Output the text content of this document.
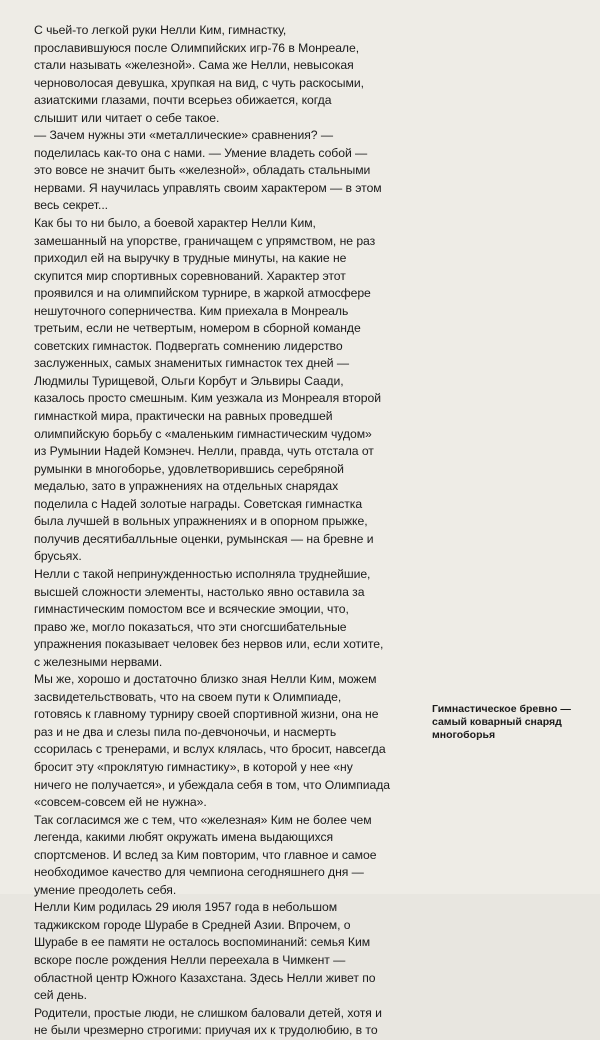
С чьей-то легкой руки Нелли Ким, гимнастку,
прославившуюся после Олимпийских игр-76 в Монреале,
стали называть «железной». Сама же Нелли, невысокая
черноволосая девушка, хрупкая на вид, с чуть раскосыми,
азиатскими глазами, почти всерьез обижается, когда
слышит или читает о себе такое.
— Зачем нужны эти «металлические» сравнения? —
поделилась как-то она с нами. — Умение владеть собой —
это вовсе не значит быть «железной», обладать стальными
нервами. Я научилась управлять своим характером — в этом
весь секрет...
Как бы то ни было, а боевой характер Нелли Ким,
замешанный на упорстве, граничащем с упрямством, не раз
приходил ей на выручку в трудные минуты, на какие не
скупится мир спортивных соревнований. Характер этот
проявился и на олимпийском турнире, в жаркой атмосфере
нешуточного соперничества. Ким приехала в Монреаль
третьим, если не четвертым, номером в сборной команде
советских гимнасток. Подвергать сомнению лидерство
заслуженных, самых знаменитых гимнасток тех дней —
Людмилы Турищевой, Ольги Корбут и Эльвиры Саади,
казалось просто смешным. Ким уезжала из Монреаля второй
гимнасткой мира, практически на равных проведшей
олимпийскую борьбу с «маленьким гимнастическим чудом»
из Румынии Надей Комэнеч. Нелли, правда, чуть отстала от
румынки в многоборье, удовлетворившись серебряной
медалью, зато в упражнениях на отдельных снарядах
поделила с Надей золотые награды. Советская гимнастка
была лучшей в вольных упражнениях и в опорном прыжке,
получив десятибалльные оценки, румынская — на бревне и
брусьях.
Нелли с такой непринужденностью исполняла труднейшие,
высшей сложности элементы, настолько явно оставила за
гимнастическим помостом все и всяческие эмоции, что,
право же, могло показаться, что эти сногсшибательные
упражнения показывает человек без нервов или, если хотите,
с железными нервами.
Мы же, хорошо и достаточно близко зная Нелли Ким, можем
засвидетельствовать, что на своем пути к Олимпиаде,
готовясь к главному турниру своей спортивной жизни, она не
раз и не два и слезы пила по-девчоночьи, и насмерть
ссорилась с тренерами, и вслух клялась, что бросит, навсегда
бросит эту «проклятую гимнастику», в которой у нее «ну
ничего не получается», и убеждала себя в том, что Олимпиада
«совсем-совсем ей не нужна».
Так согласимся же с тем, что «железная» Ким не более чем
легенда, какими любят окружать имена выдающихся
спортсменов. И вслед за Ким повторим, что главное и самое
необходимое качество для чемпиона сегодняшнего дня —
умение преодолеть себя.
Нелли Ким родилась 29 июля 1957 года в небольшом
таджикском городе Шурабе в Средней Азии. Впрочем, о
Шурабе в ее памяти не осталось воспоминаний: семья Ким
вскоре после рождения Нелли переехала в Чимкент —
областной центр Южного Казахстана. Здесь Нелли живет по
сей день.
Родители, простые люди, не слишком баловали детей, хотя и
не были чрезмерно строгими: приучая их к трудолюбию, в то
Гимнастическое бревно —
самый коварный снаряд
многоборья
